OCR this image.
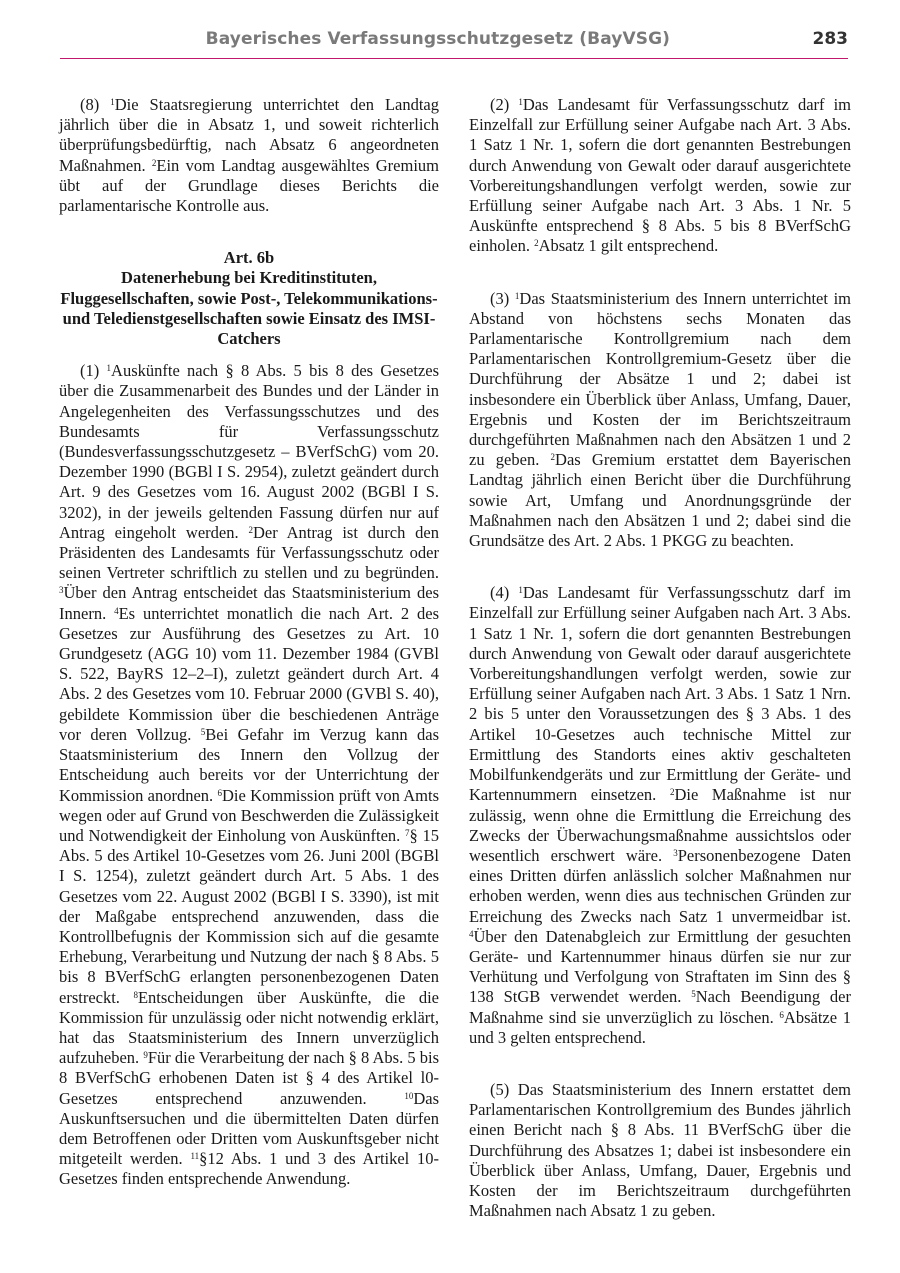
Bayerisches Verfassungsschutzgesetz (BayVSG)	283

(8) $^1$Die Staatsregierung unterrichtet den Landtag jährlich über die in Absatz 1, und soweit richterlich überprüfungsbedürftig, nach Absatz 6 angeordneten Maßnahmen. $^2$Ein vom Landtag ausgewähltes Gremium übt auf der Grundlage dieses Berichts die parlamentarische Kontrolle aus.

Art. 6b
Datenerhebung bei Kreditinstituten, Fluggesellschaften, sowie Post-, Telekommunikations- und Teledienstgesellschaften sowie Einsatz des IMSI-Catchers

(1) $^1$Auskünfte nach § 8 Abs. 5 bis 8 des Gesetzes über die Zusammenarbeit des Bundes und der Länder in Angelegenheiten des Verfassungsschutzes und des Bundesamts für Verfassungsschutz (Bundesverfassungsschutzgesetz – BVerfSchG) vom 20. Dezember 1990 (BGBl I S. 2954), zuletzt geändert durch Art. 9 des Gesetzes vom 16. August 2002 (BGBl I S. 3202), in der jeweils geltenden Fassung dürfen nur auf Antrag eingeholt werden. $^2$Der Antrag ist durch den Präsidenten des Landesamts für Verfassungsschutz oder seinen Vertreter schriftlich zu stellen und zu begründen. $^3$Über den Antrag entscheidet das Staatsministerium des Innern. $^4$Es unterrichtet monatlich die nach Art. 2 des Gesetzes zur Ausführung des Gesetzes zu Art. 10 Grundgesetz (AGG 10) vom 11. Dezember 1984 (GVBl S. 522, BayRS 12–2–I), zuletzt geändert durch Art. 4 Abs. 2 des Gesetzes vom 10. Februar 2000 (GVBl S. 40), gebildete Kommission über die beschiedenen Anträge vor deren Vollzug. $^5$Bei Gefahr im Verzug kann das Staatsministerium des Innern den Vollzug der Entscheidung auch bereits vor der Unterrichtung der Kommission anordnen. $^6$Die Kommission prüft von Amts wegen oder auf Grund von Beschwerden die Zulässigkeit und Notwendigkeit der Einholung von Auskünften. $^7$§ 15 Abs. 5 des Artikel 10-Gesetzes vom 26. Juni 200l (BGBl I S. 1254), zuletzt geändert durch Art. 5 Abs. 1 des Gesetzes vom 22. August 2002 (BGBl I S. 3390), ist mit der Maßgabe entsprechend anzuwenden, dass die Kontrollbefugnis der Kommission sich auf die gesamte Erhebung, Verarbeitung und Nutzung der nach § 8 Abs. 5 bis 8 BVerfSchG erlangten personenbezogenen Daten erstreckt. $^8$Entscheidungen über Auskünfte, die die Kommission für unzulässig oder nicht notwendig erklärt, hat das Staatsministerium des Innern unverzüglich aufzuheben. $^9$Für die Verarbeitung der nach § 8 Abs. 5 bis 8 BVerfSchG erhobenen Daten ist § 4 des Artikel l0-Gesetzes entsprechend anzuwenden.	$^{10}$Das Auskunftsersuchen und die übermittelten Daten dürfen dem Betroffenen oder Dritten vom Auskunftsgeber nicht mitgeteilt werden. $^{11}$§12 Abs. 1 und 3 des Artikel 10-Gesetzes finden entsprechende Anwendung.

(2) $^1$Das Landesamt für Verfassungsschutz darf im Einzelfall zur Erfüllung seiner Aufgabe nach Art. 3 Abs. 1 Satz 1 Nr. 1, sofern die dort genannten Bestrebungen durch Anwendung von Gewalt oder darauf ausgerichtete Vorbereitungshandlungen verfolgt werden, sowie zur Erfüllung seiner Aufgabe nach Art. 3 Abs. 1 Nr. 5 Auskünfte entsprechend § 8 Abs. 5 bis 8 BVerfSchG einholen. $^2$Absatz 1 gilt entsprechend.

(3) $^1$Das Staatsministerium des Innern unterrichtet im Abstand von höchstens sechs Monaten das Parlamentarische Kontrollgremium nach dem Parlamentarischen Kontrollgremium-Gesetz über die Durchführung der Absätze 1 und 2; dabei ist insbesondere ein Überblick über Anlass, Umfang, Dauer, Ergebnis und Kosten der im Berichtszeitraum durchgeführten Maßnahmen nach den Absätzen 1 und 2 zu geben. $^2$Das Gremium erstattet dem Bayerischen Landtag jährlich einen Bericht über die Durchführung sowie Art, Umfang und Anordnungsgründe der Maßnahmen nach den Absätzen 1 und 2; dabei sind die Grundsätze des Art. 2 Abs. 1 PKGG zu beachten.

(4) $^1$Das Landesamt für Verfassungsschutz darf im Einzelfall zur Erfüllung seiner Aufgaben nach Art. 3 Abs. 1 Satz 1 Nr. 1, sofern die dort genannten Bestrebungen durch Anwendung von Gewalt oder darauf ausgerichtete Vorbereitungshandlungen verfolgt werden, sowie zur Erfüllung seiner Aufgaben nach Art. 3 Abs. 1 Satz 1 Nrn. 2 bis 5 unter den Voraussetzungen des § 3 Abs. 1 des Artikel 10-Gesetzes auch technische Mittel zur Ermittlung des Standorts eines aktiv geschalteten Mobilfunkendgeräts und zur Ermittlung der Geräte- und Kartennummern einsetzen. $^2$Die Maßnahme ist nur zulässig, wenn ohne die Ermittlung die Erreichung des Zwecks der Überwachungsmaßnahme aussichtslos oder wesentlich erschwert wäre. $^3$Personenbezogene Daten eines Dritten dürfen anlässlich solcher Maßnahmen nur erhoben werden, wenn dies aus technischen Gründen zur Erreichung des Zwecks nach Satz 1 unvermeidbar ist. $^4$Über den Datenabgleich zur Ermittlung der gesuchten Geräte- und Kartennummer hinaus dürfen sie nur zur Verhütung und Verfolgung von Straftaten im Sinn des § 138 StGB verwendet werden. $^5$Nach Beendigung der Maßnahme sind sie unverzüglich zu löschen. $^6$Absätze 1 und 3 gelten entsprechend.

(5) Das Staatsministerium des Innern erstattet dem Parlamentarischen Kontrollgremium des Bundes jährlich einen Bericht nach § 8 Abs. 11 BVerfSchG über die Durchführung des Absatzes 1; dabei ist insbesondere ein Überblick über Anlass, Umfang, Dauer, Ergebnis und Kosten der im Berichtszeitraum durchgeführten Maßnahmen nach Absatz 1 zu geben.
